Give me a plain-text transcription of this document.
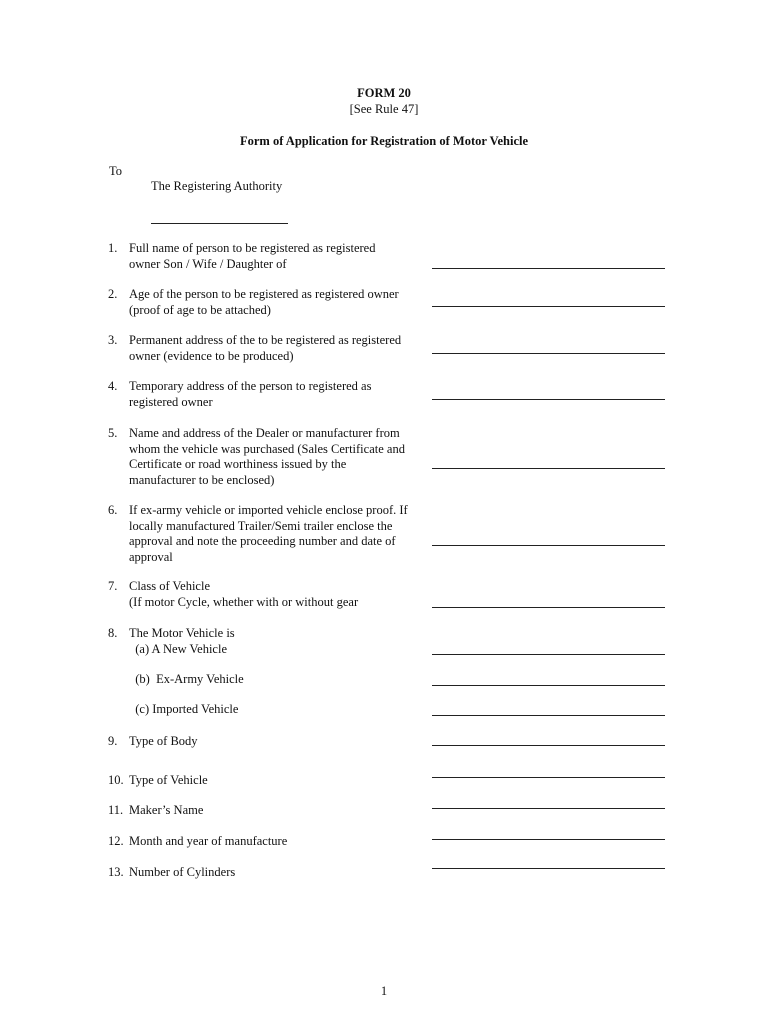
FORM 20
[See Rule 47]
Form of Application for Registration of Motor Vehicle
To
The Registering Authority
1. Full name of person to be registered as registered
owner Son / Wife / Daughter of
2. Age of the person to be registered as registered owner
(proof of age to be attached)
3. Permanent address of the to be registered as registered
owner (evidence to be produced)
4. Temporary address of the person to registered as
registered owner
5. Name and address of the Dealer or manufacturer from
whom the vehicle was purchased (Sales Certificate and
Certificate or road worthiness issued by the
manufacturer to be enclosed)
6. If ex-army vehicle or imported vehicle enclose proof. If
locally manufactured Trailer/Semi trailer enclose the
approval and note the proceeding number and date of
approval
7. Class of Vehicle
(If motor Cycle, whether with or without gear
8. The Motor Vehicle is
(a) A New Vehicle
(b)  Ex-Army Vehicle
(c) Imported Vehicle
9. Type of Body
10. Type of Vehicle
11. Maker’s Name
12. Month and year of manufacture
13. Number of Cylinders
1
